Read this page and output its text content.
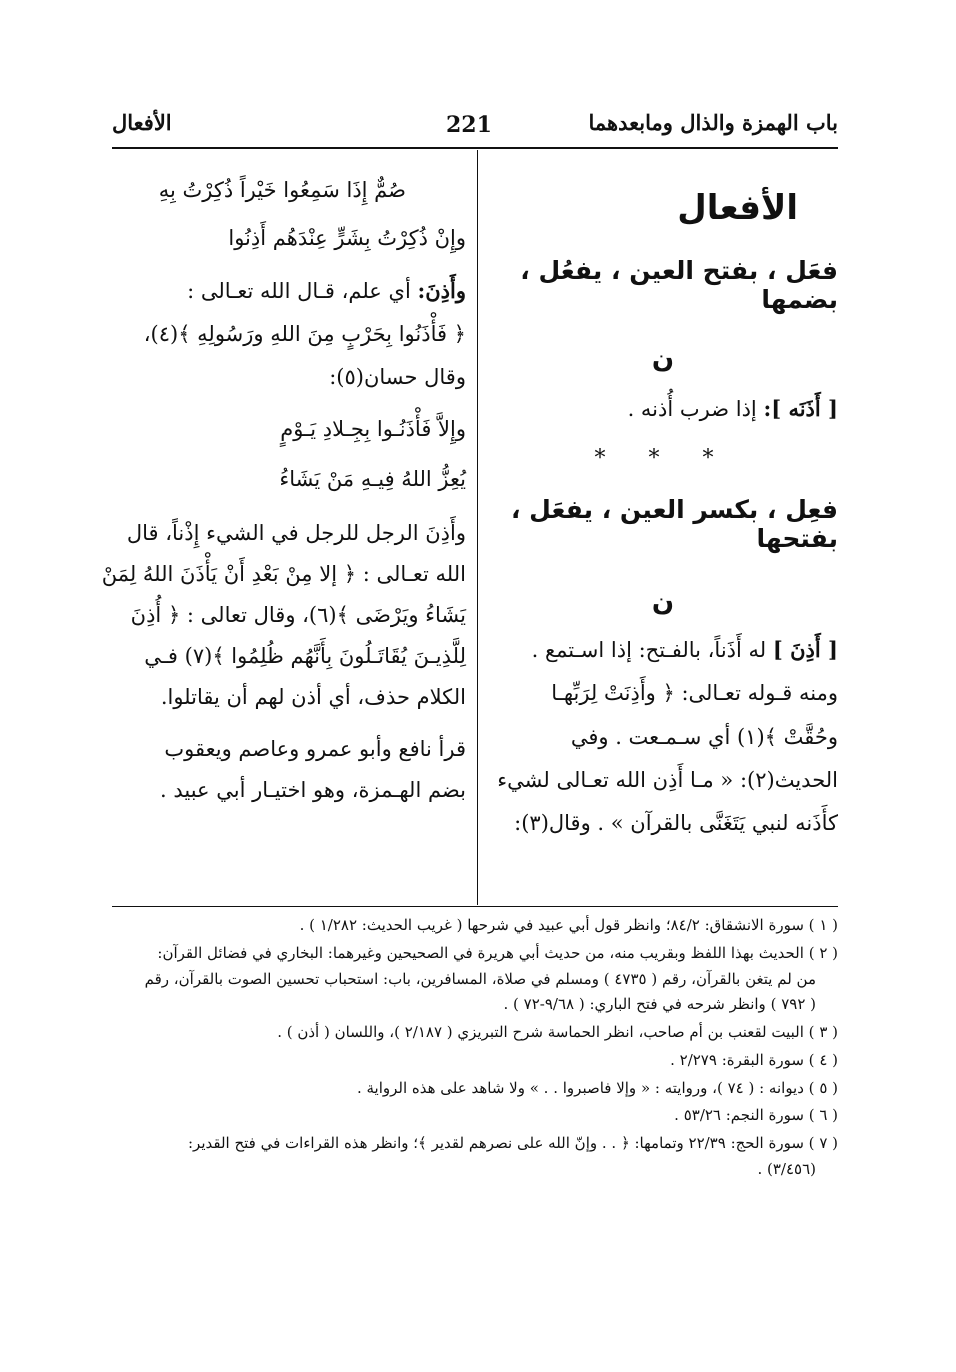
باب الهمزة والذال ومابعدهما
221
الأفعال

الأفعال

فعَل ، بفتح العين ، يفعُل ، بضمها

ن

[ أَذَنَه ]: إذا ضرب أُذنه .

* * *

فعِل ، بكسر العين ، يفعَل ، بفتحها

ن

[ أَذِنَ ] له أَذَناً، بالفـتح: إذا اسـتمع .

ومنه قـوله تعـالى: ﴿ وأَذِنَتْ لِرَبِّهـا

وحُقَّتْ ﴾(١) أي سـمـعت . وفي

الحديث(٢): « مـا أَذِن الله تعـالى لشيء

كأَذَنه لنبي يَتَغَنَّى بالقرآن » . وقال(٣):

صُمٌّ إِذَا سَمِعُوا خَيْراً ذُكِرْتُ بِهِ

وإِنْ ذُكِرْتُ بِشَرٍّ عِنْدَهُم أَذِنُوا

وأَذِنَ: أي علم، قـال الله تعـالى :

﴿ فَأْذَنُوا بِحَرْبٍ مِنَ اللهِ ورَسُولِهِ ﴾(٤)،

وقال حسان(٥):

وإِلاَّ فَأْذَنُـوا بِجِـلادِ يَـوْمٍ

يُعِزُّ اللهُ فِيـهِ مَنْ يَشَاءُ

وأَذِنَ الرجل للرجل في الشيء إِذْناً، قال

الله تعـالى : ﴿ إلا مِنْ بَعْدِ أَنْ يَأْذَنَ اللهُ لِمَنْ

يَشَاءُ ويَرْضَى ﴾(٦)، وقال تعالى : ﴿ أُذِنَ

لِلَّذِيـنَ يُقَاتَـلُونَ بِأَنَّهُم ظُلِمُوا ﴾(٧) فـي

الكلام حذف، أي أذن لهم أن يقاتلوا.

قرأ نافع وأبو عمرو وعاصم ويعقوب

بضم الهـمزة، وهو اختيـار أبي عبيد .

( ١ ) سورة الانشقاق: ٨٤/٢؛ وانظر قول أبي عبيد في شرحها ( غريب الحديث: ١/٢٨٢ ) .

( ٢ ) الحديث بهذا اللفظ وبقريب منه، من حديث أبي هريرة في الصحيحين وغيرهما: البخاري في فضائل القرآن:

من لم يتغن بالقرآن، رقم ( ٤٧٣٥ ) ومسلم في صلاة، المسافرين، باب: استحباب تحسين الصوت بالقرآن، رقم

( ٧٩٢ ) وانظر شرحه في فتح الباري: ( ٩/٦٨-٧٢ ) .

( ٣ ) البيت لقعنب بن أم صاحب، انظر الحماسة شرح التبريزي ( ٢/١٨٧ )، واللسان ( أذن ) .

( ٤ ) سورة البقرة: ٢/٢٧٩ .

( ٥ ) ديوانه : ( ٧٤ )، وروايته : « وإلا فاصبروا . . » ولا شاهد على هذه الرواية .

( ٦ ) سورة النجم: ٥٣/٢٦ .

( ٧ ) سورة الحج: ٢٢/٣٩ وتمامها: ﴿ . . وإنّ الله على نصرهم لقدير ﴾؛ وانظر هذه القراءات في فتح القدير:

(٣/٤٥٦) .
